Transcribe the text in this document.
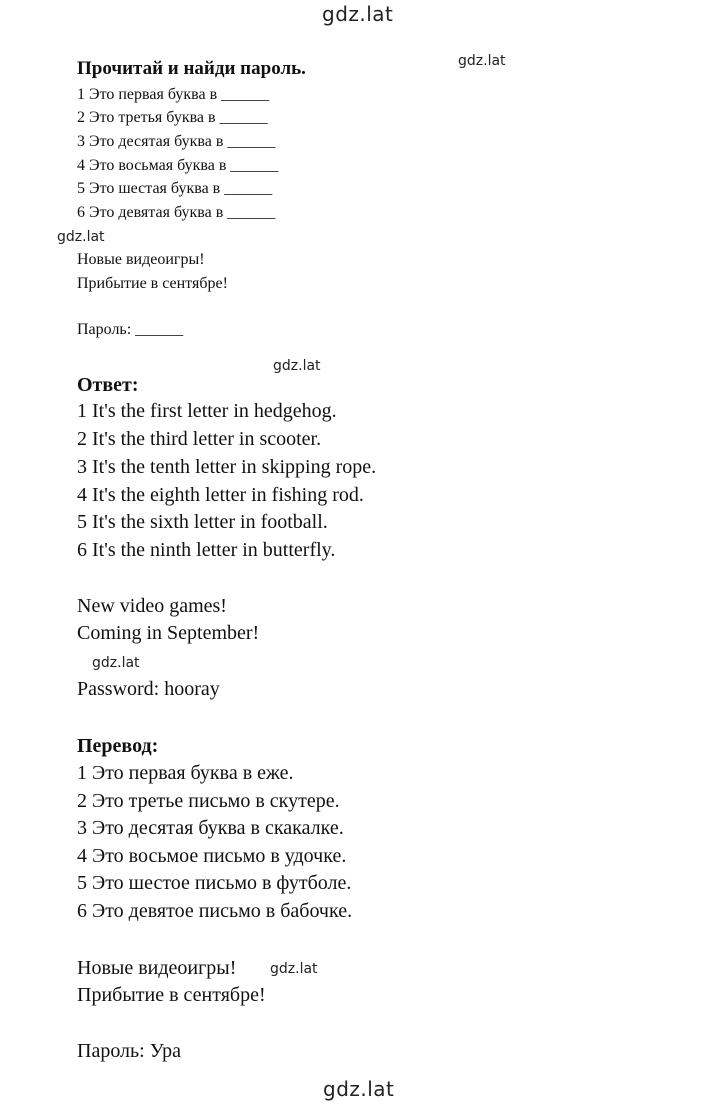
gdz.lat
gdz.lat
gdz.lat
gdz.lat
gdz.lat
gdz.lat
gdz.lat
Прочитай и найди пароль.
1 Это первая буква в ______
2 Это третья буква в ______
3 Это десятая буква в ______
4 Это восьмая буква в ______
5 Это шестая буква в ______
6 Это девятая буква в ______
Новые видеоигры!
Прибытие в сентябре!
Пароль: ______
Ответ:
1 It's the first letter in hedgehog.
2 It's the third letter in scooter.
3 It's the tenth letter in skipping rope.
4 It's the eighth letter in fishing rod.
5 It's the sixth letter in football.
6 It's the ninth letter in butterfly.
New video games!
Coming in September!
Password: hooray
Перевод:
1 Это первая буква в еже.
2 Это третье письмо в скутере.
3 Это десятая буква в скакалке.
4 Это восьмое письмо в удочке.
5 Это шестое письмо в футболе.
6 Это девятое письмо в бабочке.
Новые видеоигры!
Прибытие в сентябре!
Пароль: Ура
